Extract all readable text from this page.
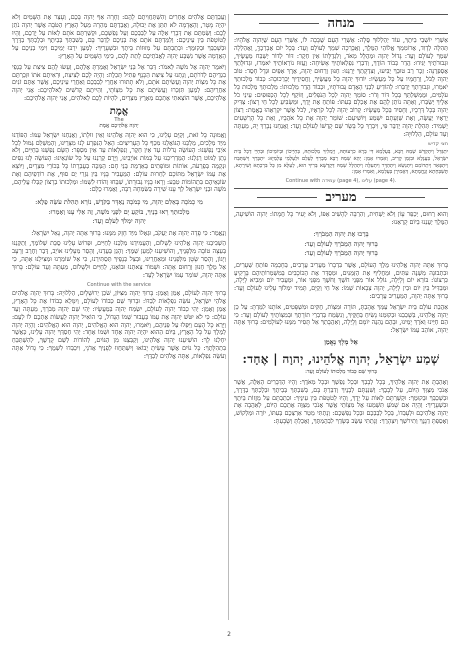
מנחה

אַשְׁרֵי יוֹשְׁבֵי בֵיתֶךָ, עוֹד יְהַלְלוּךָ סֶּלָה: אַשְׁרֵי הָעָם שֶׁכָּכָה לּוֹ, אַשְׁרֵי הָעָם שֶׁיְהוָה אֱלֹהָיו: תְּהִלָּה לְדָוִד, אֲרוֹמִמְךָ אֱלוֹהַי הַמֶּלֶךְ, וַאֲבָרְכָה שִׁמְךָ לְעוֹלָם וָעֶד: בְּכָל יוֹם אֲבָרְכֶךָּ, וַאֲהַלְלָה שִׁמְךָ לְעוֹלָם וָעֶד: גָּדוֹל יְהוָה וּמְהֻלָּל מְאֹד, וְלִגְדֻלָּתוֹ אֵין חֵקֶר: דּוֹר לְדוֹר יְשַׁבַּח מַעֲשֶׂיךָ, וּגְבוּרֹתֶיךָ יַגִּידוּ: הֲדַר כְּבוֹד הוֹדֶךָ, וְדִבְרֵי נִפְלְאוֹתֶיךָ אָשִׂיחָה: וֶעֱזוּז נוֹרְאוֹתֶיךָ יֹאמֵרוּ, וּגְדוּלָּתְךָ אֲסַפְּרֶנָּה: זֵכֶר רַב טוּבְךָ יַבִּיעוּ, וְצִדְקָתְךָ יְרַנֵּנוּ: חַנּוּן וְרַחוּם יְהוָה, אֶרֶךְ אַפַּיִם וּגְדָל חָסֶד: טוֹב יְהוָה לַכֹּל, וְרַחֲמָיו עַל כָּל מַעֲשָׂיו: יוֹדוּךָ יְהוָה כָּל מַעֲשֶׂיךָ, וַחֲסִידֶיךָ יְבָרְכוּכָה: כְּבוֹד מַלְכוּתְךָ יֹאמֵרוּ, וּגְבוּרָתְךָ יְדַבֵּרוּ: לְהוֹדִיעַ לִבְנֵי הָאָדָם גְּבוּרֹתָיו, וּכְבוֹד הֲדַר מַלְכוּתוֹ: מַלְכוּתְךָ מַלְכוּת כָּל עֹלָמִים, וּמֶמְשַׁלְתְּךָ בְּכָל דּוֹר וָדֹר: סוֹמֵךְ יְהוָה לְכָל הַנֹּפְלִים, וְזוֹקֵף לְכָל הַכְּפוּפִים: עֵינֵי כֹל אֵלֶיךָ יְשַׂבֵּרוּ, וְאַתָּה נוֹתֵן לָהֶם אֶת אָכְלָם בְּעִתּוֹ: פּוֹתֵחַ אֶת יָדֶךָ, וּמַשְׂבִּיעַ לְכָל חַי רָצוֹן: צַדִּיק יְהוָה בְּכָל דְּרָכָיו, וְחָסִיד בְּכָל מַעֲשָׂיו: קָרוֹב יְהוָה לְכָל קֹרְאָיו, לְכֹל אֲשֶׁר יִקְרָאֻהוּ בֶאֱמֶת: רְצוֹן יְרֵאָיו יַעֲשֶׂה, וְאֶת שַׁוְעָתָם יִשְׁמַע וְיוֹשִׁיעֵם: שׁוֹמֵר יְהוָה אֶת כָּל אֹהֲבָיו, וְאֵת כָּל הָרְשָׁעִים יַשְׁמִיד: תְּהִלַּת יְהוָה יְדַבֶּר פִּי, וִיבָרֵךְ כָּל בָּשָׂר שֵׁם קָדְשׁוֹ לְעוֹלָם וָעֶד: וַאֲנַחְנוּ נְבָרֵךְ יָהּ, מֵעַתָּה וְעַד עוֹלָם, הַלְלוּיָהּ:

חצי קדיש
יִתְגַּדַּל וְיִתְקַדַּשׁ שְׁמֵהּ רַבָּא, בְּעָלְמָא דִּי בְרָא כִרְעוּתֵהּ, וְיַמְלִיךְ מַלְכוּתֵהּ, בְּחַיֵּיכוֹן וּבְיוֹמֵיכוֹן וּבְחַיֵּי דְכָל בֵּית יִשְׂרָאֵל, בַּעֲגָלָא וּבִזְמַן קָרִיב, וְאִמְרוּ אָמֵן: יְהֵא שְׁמֵהּ רַבָּא מְבָרַךְ לְעָלַם וּלְעָלְמֵי עָלְמַיָּא: יִתְבָּרַךְ וְיִשְׁתַּבַּח וְיִתְפָּאַר וְיִתְרוֹמַם וְיִתְנַשֵּׂא וְיִתְהַדָּר וְיִתְעַלֶּה וְיִתְהַלָּל שְׁמֵהּ דְּקֻדְשָׁא בְּרִיךְ הוּא, לְעֵלָּא מִן כָּל בִּרְכָתָא וְשִׁירָתָא, תֻּשְׁבְּחָתָא וְנֶחֱמָתָא, דַּאֲמִירָן בְּעָלְמָא, וְאִמְרוּ אָמֵן:
Continue with עמידה (page 4), עלינו (page 4).
מעריב

וְהוּא רַחוּם, יְכַפֵּר עָוֹן וְלֹא יַשְׁחִית, וְהִרְבָּה לְהָשִׁיב אַפּוֹ, וְלֹא יָעִיר כָּל חֲמָתוֹ: יְהוָה הוֹשִׁיעָה, הַמֶּלֶךְ יַעֲנֵנוּ בְיוֹם קָרְאֵנוּ:

בָּרְכוּ אֶת יְהוָה הַמְבֹרָךְ:
בָּרוּךְ יְהוָה הַמְבֹרָךְ לְעוֹלָם וָעֶד:
בָּרוּךְ יְהוָה הַמְבֹרָךְ לְעוֹלָם וָעֶד:

בָּרוּךְ אַתָּה יְהוָה אֱלֹהֵינוּ מֶלֶךְ הָעוֹלָם, אֲשֶׁר בִּדְבָרוֹ מַעֲרִיב עֲרָבִים, בְּחָכְמָה פּוֹתֵחַ שְׁעָרִים, וּבִתְבוּנָה מְשַׁנֶּה עִתִּים, וּמַחֲלִיף אֶת הַזְּמַנִּים, וּמְסַדֵּר אֶת הַכּוֹכָבִים בְּמִשְׁמְרוֹתֵיהֶם בָּרָקִיעַ כִּרְצוֹנוֹ: בּוֹרֵא יוֹם וָלָיְלָה, גּוֹלֵל אוֹר מִפְּנֵי חֹשֶׁךְ וְחֹשֶׁךְ מִפְּנֵי אוֹר, וּמַעֲבִיר יוֹם וּמֵבִיא לָיְלָה, וּמַבְדִּיל בֵּין יוֹם וּבֵין לָיְלָה, יְהוָה צְבָאוֹת שְׁמוֹ: אֵל חַי וְקַיָּם, תָּמִיד יִמְלוֹךְ עָלֵינוּ לְעוֹלָם וָעֶד: בָּרוּךְ אַתָּה יְהוָה, הַמַּעֲרִיב עֲרָבִים:

אַהֲבַת עוֹלָם בֵּית יִשְׂרָאֵל עַמְּךָ אָהָבְתָּ, תּוֹרָה וּמִצְוֹת, חֻקִּים וּמִשְׁפָּטִים, אוֹתָנוּ לִמַּדְתָּ: עַל כֵּן יְהוָה אֱלֹהֵינוּ, בְּשָׁכְבֵנוּ וּבְקוּמֵנוּ נָשִׂיחַ בְּחֻקֶּיךָ, וְנִשְׂמַח בְּדִבְרֵי תוֹרָתֶךָ וּבְמִצְוֹתֶיךָ לְעוֹלָם וָעֶד: כִּי הֵם חַיֵּינוּ וְאֹרֶךְ יָמֵינוּ, וּבָהֶם נֶהְגֶּה יוֹמָם וָלָיְלָה, וְאַהֲבָתְךָ אַל תָּסִיר מִמֶּנּוּ לְעוֹלָמִים: בָּרוּךְ אַתָּה יְהוָה, אוֹהֵב עַמּוֹ יִשְׂרָאֵל:

אֵל מֶלֶךְ נֶאֱמָן
שְׁמַע יִשְׂרָאֵל, יְהוָה אֱלֹהֵינוּ, יְהוָה | אֶחָד:
בָּרוּךְ שֵׁם כְּבוֹד מַלְכוּתוֹ לְעוֹלָם וָעֶד:

וְאָהַבְתָּ אֵת יְהוָה אֱלֹהֶיךָ, בְּכָל לְבָבְךָ וּבְכָל נַפְשְׁךָ וּבְכָל מְאֹדֶךָ: וְהָיוּ הַדְּבָרִים הָאֵלֶּה, אֲשֶׁר אָנֹכִי מְצַוְּךָ הַיּוֹם, עַל לְבָבֶךָ: וְשִׁנַּנְתָּם לְבָנֶיךָ וְדִבַּרְתָּ בָּם, בְּשִׁבְתְּךָ בְּבֵיתֶךָ וּבְלֶכְתְּךָ בַדֶּרֶךְ, וּבְשָׁכְבְּךָ וּבְקוּמֶךָ: וּקְשַׁרְתָּם לְאוֹת עַל יָדֶךָ, וְהָיוּ לְטֹטָפֹת בֵּין עֵינֶיךָ: וּכְתַבְתָּם עַל מְזֻזוֹת בֵּיתֶךָ וּבִשְׁעָרֶיךָ: וְהָיָה אִם שָׁמֹעַ תִּשְׁמְעוּ אֶל מִצְוֹתַי אֲשֶׁר אָנֹכִי מְצַוֶּה אֶתְכֶם הַיּוֹם, לְאַהֲבָה אֶת יְהוָה אֱלֹהֵיכֶם וּלְעָבְדוֹ, בְּכָל לְבַבְכֶם וּבְכָל נַפְשְׁכֶם: וְנָתַתִּי מְטַר אַרְצְכֶם בְּעִתּוֹ, יוֹרֶה וּמַלְקוֹשׁ, וְאָסַפְתָּ דְגָנֶךָ וְתִירֹשְׁךָ וְיִצְהָרֶךָ: וְנָתַתִּי עֵשֶׂב בְּשָׂדְךָ לִבְהֶמְתֶּךָ, וְאָכַלְתָּ וְשָׂבָעְתָּ:

וַעֲבַדְתֶּם אֱלֹהִים אֲחֵרִים וְהִשְׁתַּחֲוִיתֶם לָהֶם: וְחָרָה אַף יְהוָה בָּכֶם, וְעָצַר אֶת הַשָּׁמַיִם וְלֹא יִהְיֶה מָטָר, וְהָאֲדָמָה לֹא תִתֵּן אֶת יְבוּלָהּ, וַאֲבַדְתֶּם מְהֵרָה מֵעַל הָאָרֶץ הַטֹּבָה אֲשֶׁר יְהוָה נֹתֵן לָכֶם: וְשַׂמְתֶּם אֶת דְּבָרַי אֵלֶּה עַל לְבַבְכֶם וְעַל נַפְשְׁכֶם, וּקְשַׁרְתֶּם אֹתָם לְאוֹת עַל יֶדְכֶם, וְהָיוּ לְטוֹטָפֹת בֵּין עֵינֵיכֶם: וְלִמַּדְתֶּם אֹתָם אֶת בְּנֵיכֶם לְדַבֵּר בָּם, בְּשִׁבְתְּךָ בְּבֵיתֶךָ וּבְלֶכְתְּךָ בַדֶּרֶךְ וּבְשָׁכְבְּךָ וּבְקוּמֶךָ: וּכְתַבְתָּם עַל מְזוּזוֹת בֵּיתֶךָ וּבִשְׁעָרֶיךָ: לְמַעַן יִרְבּוּ יְמֵיכֶם וִימֵי בְנֵיכֶם עַל הָאֲדָמָה אֲשֶׁר נִשְׁבַּע יְהוָה לַאֲבֹתֵיכֶם לָתֵת לָהֶם, כִּימֵי הַשָּׁמַיִם עַל הָאָרֶץ:

וַיֹּאמֶר יְהוָה אֶל מֹשֶׁה לֵּאמֹר: דַּבֵּר אֶל בְּנֵי יִשְׂרָאֵל וְאָמַרְתָּ אֲלֵהֶם, וְעָשׂוּ לָהֶם צִיצִת עַל כַּנְפֵי בִגְדֵיהֶם לְדֹרֹתָם, וְנָתְנוּ עַל צִיצִת הַכָּנָף פְּתִיל תְּכֵלֶת: וְהָיָה לָכֶם לְצִיצִת, וּרְאִיתֶם אֹתוֹ וּזְכַרְתֶּם אֶת כָּל מִצְוֹת יְהוָה וַעֲשִׂיתֶם אֹתָם, וְלֹא תָתוּרוּ אַחֲרֵי לְבַבְכֶם וְאַחֲרֵי עֵינֵיכֶם, אֲשֶׁר אַתֶּם זֹנִים אַחֲרֵיהֶם: לְמַעַן תִּזְכְּרוּ וַעֲשִׂיתֶם אֶת כָּל מִצְוֹתָי, וִהְיִיתֶם קְדֹשִׁים לֵאלֹהֵיכֶם: אֲנִי יְהוָה אֱלֹהֵיכֶם, אֲשֶׁר הוֹצֵאתִי אֶתְכֶם מֵאֶרֶץ מִצְרַיִם, לִהְיוֹת לָכֶם לֵאלֹהִים, אֲנִי יְהוָה אֱלֹהֵיכֶם:

אֱמֶת
The
יְהוָה אֱלֹהֵיכֶם אֱמֶת

וֶאֱמוּנָה כָּל זֹאת, וְקַיָּם עָלֵינוּ, כִּי הוּא יְהוָה אֱלֹהֵינוּ וְאֵין זוּלָתוֹ, וַאֲנַחְנוּ יִשְׂרָאֵל עַמּוֹ: הַפּוֹדֵנוּ מִיַּד מְלָכִים, מַלְכֵּנוּ הַגּוֹאֲלֵנוּ מִכַּף כָּל הֶעָרִיצִים: הָאֵל הַנִּפְרָע לָנוּ מִצָּרֵינוּ, וְהַמְשַׁלֵּם גְּמוּל לְכָל אֹיְבֵי נַפְשֵׁנוּ: הָעוֹשֶׂה גְדֹלוֹת עַד אֵין חֵקֶר, וְנִפְלָאוֹת עַד אֵין מִסְפָּר: הַשָּׂם נַפְשֵׁנוּ בַּחַיִּים, וְלֹא נָתַן לַמּוֹט רַגְלֵנוּ: הַמַּדְרִיכֵנוּ עַל בָּמוֹת אוֹיְבֵינוּ, וַיָּרֶם קַרְנֵנוּ עַל כָּל שׂוֹנְאֵינוּ: הָעוֹשֶׂה לָּנוּ נִסִּים וּנְקָמָה בְּפַרְעֹה, אוֹתוֹת וּמוֹפְתִים בְּאַדְמַת בְּנֵי חָם: הַמַּכֶּה בְעֶבְרָתוֹ כָּל בְּכוֹרֵי מִצְרָיִם, וַיּוֹצֵא אֶת עַמּוֹ יִשְׂרָאֵל מִתּוֹכָם לְחֵרוּת עוֹלָם: הַמַּעֲבִיר בָּנָיו בֵּין גִּזְרֵי יַם סוּף, אֶת רוֹדְפֵיהֶם וְאֶת שׂוֹנְאֵיהֶם בִּתְהוֹמוֹת טִבַּע: וְרָאוּ בָנָיו גְּבוּרָתוֹ, שִׁבְּחוּ וְהוֹדוּ לִשְׁמוֹ: וּמַלְכוּתוֹ בְרָצוֹן קִבְּלוּ עֲלֵיהֶם, מֹשֶׁה וּבְנֵי יִשְׂרָאֵל לְךָ עָנוּ שִׁירָה בְּשִׂמְחָה רַבָּה, וְאָמְרוּ כֻלָּם:

מִי כָמֹכָה בָּאֵלִם יְהוָה, מִי כָּמֹכָה נֶאְדָּר בַּקֹּדֶשׁ, נוֹרָא תְהִלֹּת עֹשֵׂה פֶלֶא:
מַלְכוּתְךָ רָאוּ בָנֶיךָ, בּוֹקֵעַ יָם לִפְנֵי מֹשֶׁה, זֶה אֵלִי עָנוּ וְאָמְרוּ:
יְהוָה יִמְלֹךְ לְעֹלָם וָעֶד:

וְנֶאֱמַר: כִּי פָדָה יְהוָה אֶת יַעֲקֹב, וּגְאָלוֹ מִיַּד חָזָק מִמֶּנּוּ: בָּרוּךְ אַתָּה יְהוָה, גָּאַל יִשְׂרָאֵל:

הַשְׁכִּיבֵנוּ יְהוָה אֱלֹהֵינוּ לְשָׁלוֹם, וְהַעֲמִידֵנוּ מַלְכֵּנוּ לְחַיִּים, וּפְרוֹשׂ עָלֵינוּ סֻכַּת שְׁלוֹמֶךָ, וְתַקְּנֵנוּ בְּעֵצָה טוֹבָה מִלְּפָנֶיךָ, וְהוֹשִׁיעֵנוּ לְמַעַן שְׁמֶךָ: וְהָגֵן בַּעֲדֵנוּ, וְהָסֵר מֵעָלֵינוּ אוֹיֵב, דֶּבֶר וְחֶרֶב וְרָעָב וְיָגוֹן, וְהָסֵר שָׂטָן מִלְּפָנֵינוּ וּמֵאַחֲרֵינוּ, וּבְצֵל כְּנָפֶיךָ תַּסְתִּירֵנוּ, כִּי אֵל שׁוֹמְרֵנוּ וּמַצִּילֵנוּ אָתָּה, כִּי אֵל מֶלֶךְ חַנּוּן וְרַחוּם אָתָּה: וּשְׁמוֹר צֵאתֵנוּ וּבוֹאֵנוּ, לְחַיִּים וּלְשָׁלוֹם, מֵעַתָּה וְעַד עוֹלָם: בָּרוּךְ אַתָּה יְהוָה, שׁוֹמֵר עַמּוֹ יִשְׂרָאֵל לָעַד:

Continue with the service

בָּרוּךְ יְהוָה לְעוֹלָם, אָמֵן וְאָמֵן: בָּרוּךְ יְהוָה מִצִּיּוֹן, שֹׁכֵן יְרוּשָׁלָיִם, הַלְלוּיָהּ: בָּרוּךְ יְהוָה אֱלֹהִים אֱלֹהֵי יִשְׂרָאֵל, עֹשֵׂה נִפְלָאוֹת לְבַדּוֹ: וּבָרוּךְ שֵׁם כְּבוֹדוֹ לְעוֹלָם, וְיִמָּלֵא כְבוֹדוֹ אֶת כָּל הָאָרֶץ, אָמֵן וְאָמֵן: יְהִי כְבוֹד יְהוָה לְעוֹלָם, יִשְׂמַח יְהוָה בְּמַעֲשָׂיו: יְהִי שֵׁם יְהוָה מְבֹרָךְ, מֵעַתָּה וְעַד עוֹלָם: כִּי לֹא יִטֹּשׁ יְהוָה אֶת עַמּוֹ בַּעֲבוּר שְׁמוֹ הַגָּדוֹל, כִּי הוֹאִיל יְהוָה לַעֲשׂוֹת אֶתְכֶם לוֹ לְעָם: וַיַּרְא כָּל הָעָם וַיִּפְּלוּ עַל פְּנֵיהֶם, וַיֹּאמְרוּ, יְהוָה הוּא הָאֱלֹהִים, יְהוָה הוּא הָאֱלֹהִים: וְהָיָה יְהוָה לְמֶלֶךְ עַל כָּל הָאָרֶץ, בַּיּוֹם הַהוּא יִהְיֶה יְהוָה אֶחָד וּשְׁמוֹ אֶחָד: יְהִי חַסְדְּךָ יְהוָה עָלֵינוּ, כַּאֲשֶׁר יִחַלְנוּ לָךְ: הוֹשִׁיעֵנוּ יְהוָה אֱלֹהֵינוּ, וְקַבְּצֵנוּ מִן הַגּוֹיִם, לְהוֹדוֹת לְשֵׁם קָדְשֶׁךָ, לְהִשְׁתַּבֵּחַ בִּתְהִלָּתֶךָ: כָּל גּוֹיִם אֲשֶׁר עָשִׂיתָ יָבוֹאוּ וְיִשְׁתַּחֲווּ לְפָנֶיךָ אֲדֹנָי, וִיכַבְּדוּ לִשְׁמֶךָ: כִּי גָדוֹל אַתָּה וְעֹשֵׂה נִפְלָאוֹת, אַתָּה אֱלֹהִים לְבַדֶּךָ:

2
